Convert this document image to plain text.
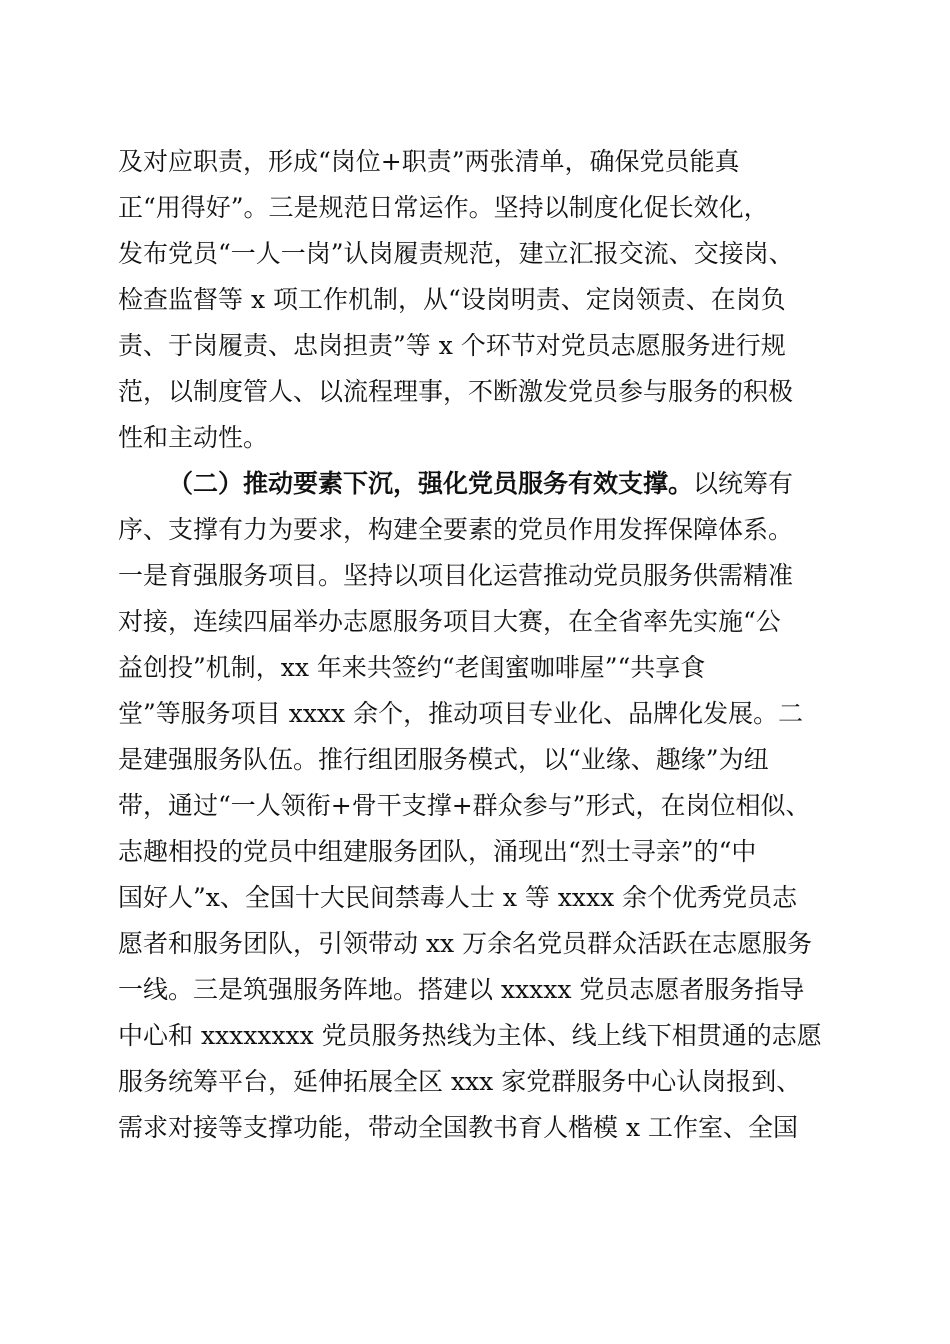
及对应职责，形成“岗位+职责”两张清单，确保党员能真
正“用得好”。三是规范日常运作。坚持以制度化促长效化，
发布党员“一人一岗”认岗履责规范，建立汇报交流、交接岗、
检查监督等 x 项工作机制，从“设岗明责、定岗领责、在岗负
责、于岗履责、忠岗担责”等 x 个环节对党员志愿服务进行规
范，以制度管人、以流程理事，不断激发党员参与服务的积极
性和主动性。
（二）推动要素下沉，强化党员服务有效支撑。以统筹有
序、支撑有力为要求，构建全要素的党员作用发挥保障体系。
一是育强服务项目。坚持以项目化运营推动党员服务供需精准
对接，连续四届举办志愿服务项目大赛，在全省率先实施“公
益创投”机制，xx 年来共签约“老闺蜜咖啡屋”“共享食
堂”等服务项目 xxxx 余个，推动项目专业化、品牌化发展。二
是建强服务队伍。推行组团服务模式，以“业缘、趣缘”为纽
带，通过“一人领衔+骨干支撑+群众参与”形式，在岗位相似、
志趣相投的党员中组建服务团队，涌现出“烈士寻亲”的“中
国好人”x、全国十大民间禁毒人士 x 等 xxxx 余个优秀党员志
愿者和服务团队，引领带动 xx 万余名党员群众活跃在志愿服务
一线。三是筑强服务阵地。搭建以 xxxxx 党员志愿者服务指导
中心和 xxxxxxxx 党员服务热线为主体、线上线下相贯通的志愿
服务统筹平台，延伸拓展全区 xxx 家党群服务中心认岗报到、
需求对接等支撑功能，带动全国教书育人楷模 x 工作室、全国
